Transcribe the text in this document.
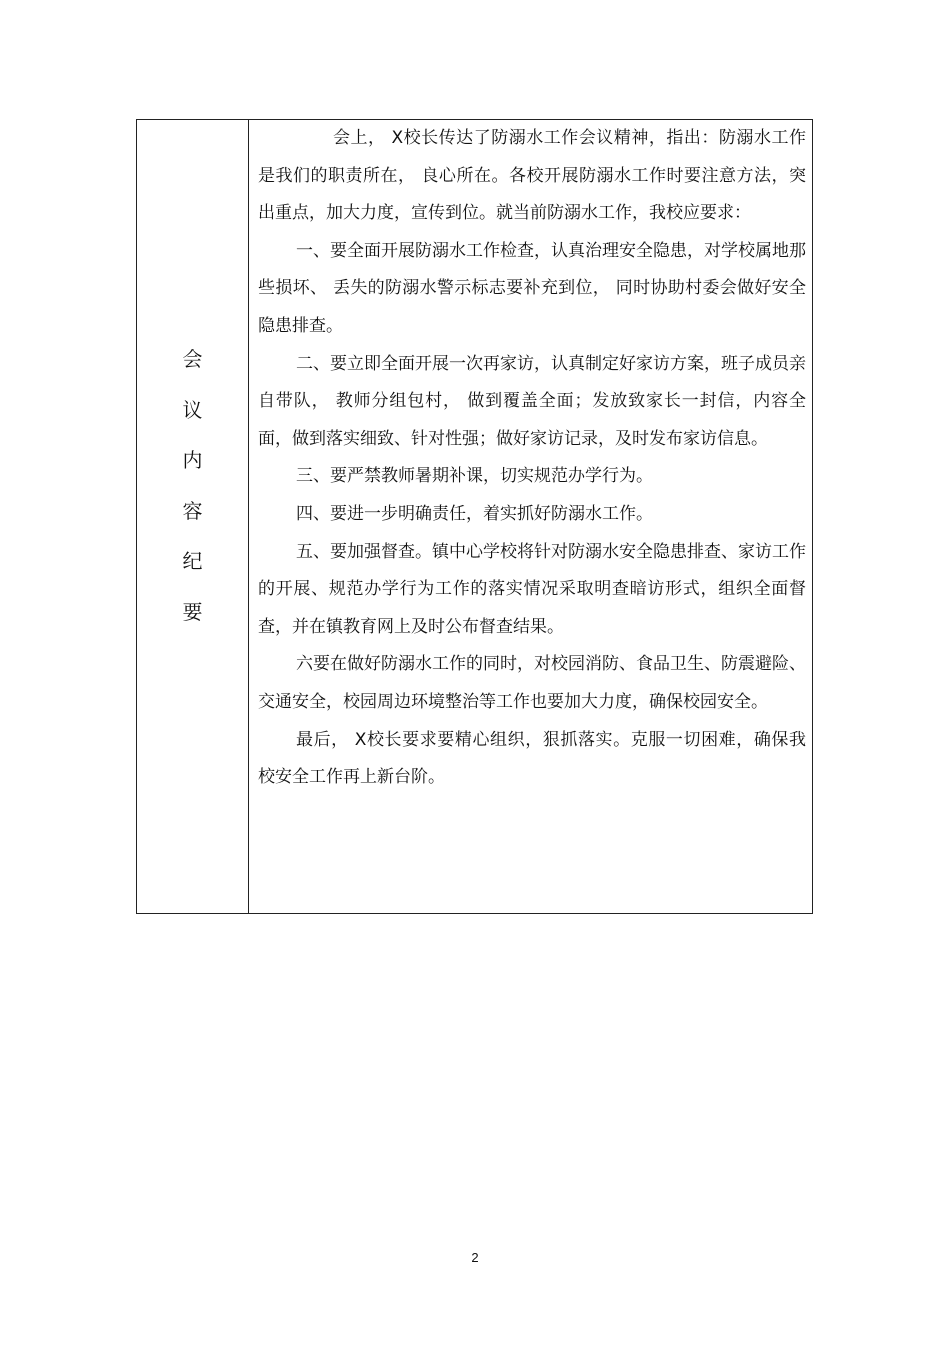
会
议
内
容
纪
要

会上， X校长传达了防溺水工作会议精神，指出：防溺水工作是我们的职责所在， 良心所在。各校开展防溺水工作时要注意方法，突出重点，加大力度，宣传到位。就当前防溺水工作，我校应要求：

一、要全面开展防溺水工作检查，认真治理安全隐患，对学校属地那些损坏、 丢失的防溺水警示标志要补充到位， 同时协助村委会做好安全隐患排查。

二、要立即全面开展一次再家访，认真制定好家访方案，班子成员亲自带队， 教师分组包村， 做到覆盖全面；发放致家长一封信，内容全面，做到落实细致、针对性强；做好家访记录，及时发布家访信息。

三、要严禁教师暑期补课，切实规范办学行为。

四、要进一步明确责任，着实抓好防溺水工作。

五、要加强督查。镇中心学校将针对防溺水安全隐患排查、家访工作的开展、规范办学行为工作的落实情况采取明查暗访形式，组织全面督查，并在镇教育网上及时公布督查结果。

六要在做好防溺水工作的同时，对校园消防、食品卫生、防震避险、交通安全，校园周边环境整治等工作也要加大力度，确保校园安全。

最后， X校长要求要精心组织，狠抓落实。克服一切困难，确保我校安全工作再上新台阶。

2
